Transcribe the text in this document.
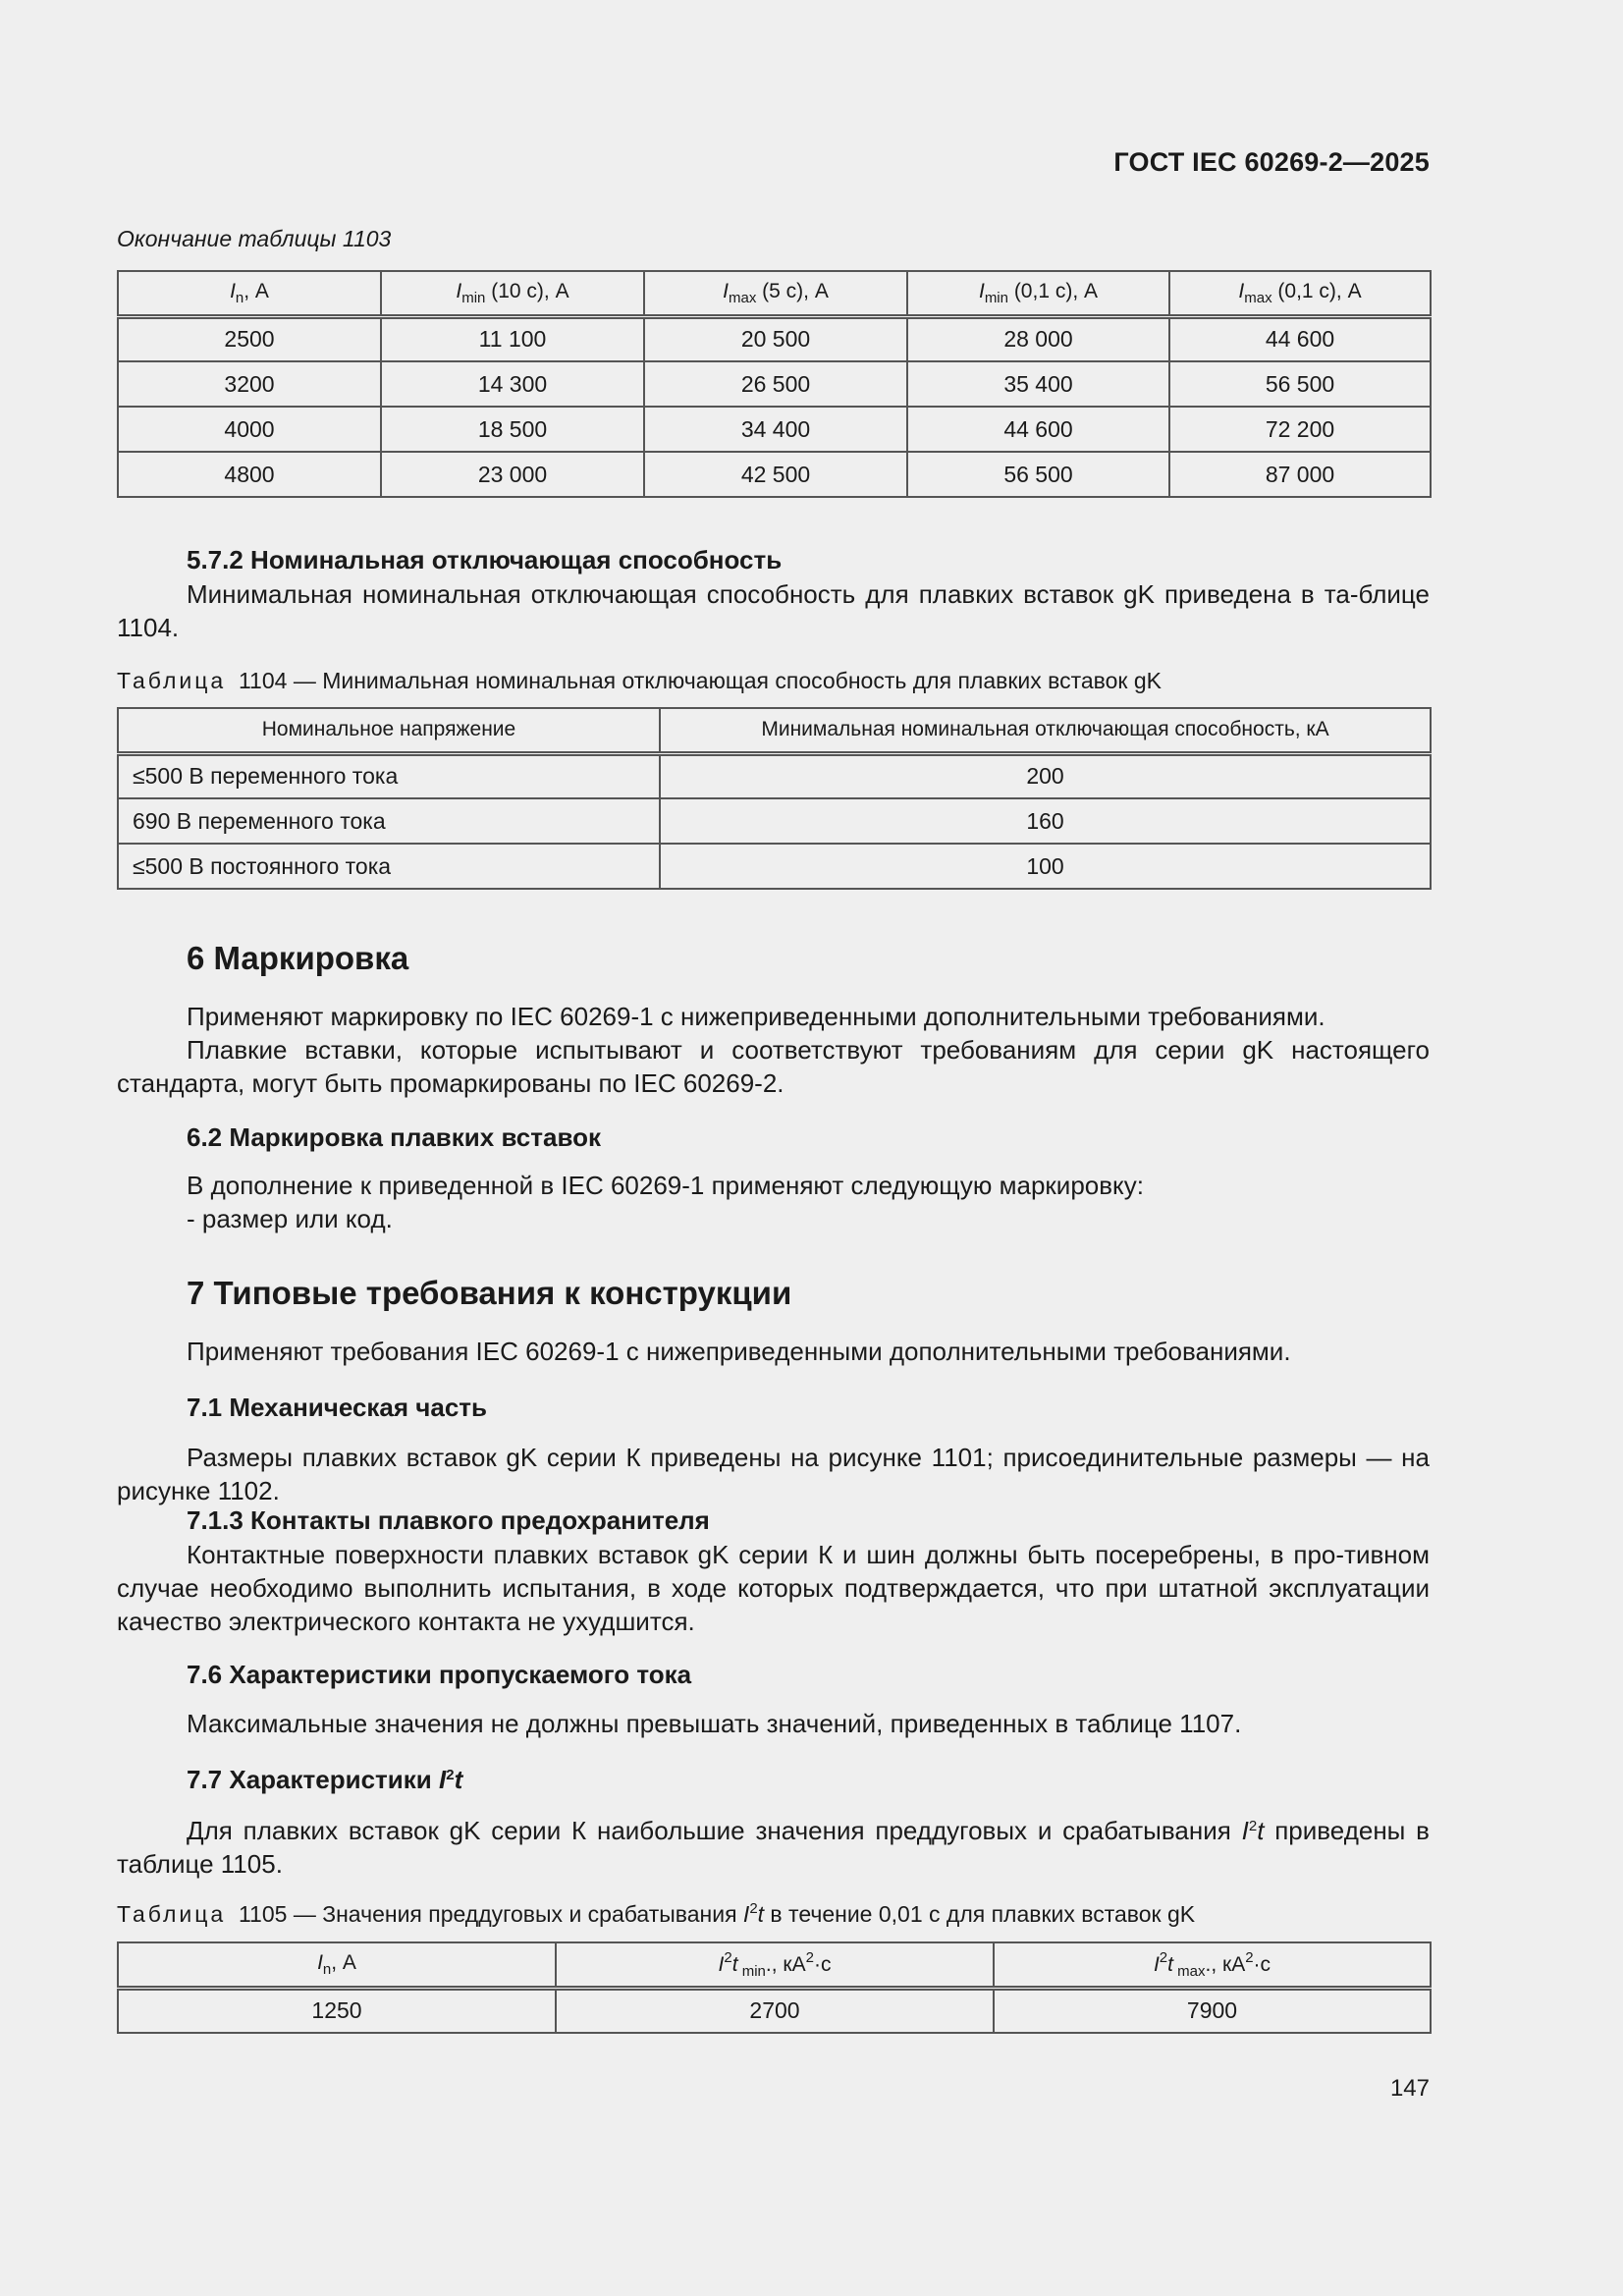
ГОСТ IEC 60269-2—2025
Окончание таблицы 1103
$I_n$, А	$I_{min}$ (10 с), А	$I_{max}$ (5 с), А	$I_{min}$ (0,1 с), А	$I_{max}$ (0,1 с), А
2500	11 100	20 500	28 000	44 600
3200	14 300	26 500	35 400	56 500
4000	18 500	34 400	44 600	72 200
4800	23 000	42 500	56 500	87 000
5.7.2 Номинальная отключающая способность
Минимальная номинальная отключающая способность для плавких вставок gK приведена в та-блице 1104.
Таблица 1104 — Минимальная номинальная отключающая способность для плавких вставок gK
Номинальное напряжение	Минимальная номинальная отключающая способность, кА
≤500 В переменного тока	200
690 В переменного тока	160
≤500 В постоянного тока	100
6 Маркировка
Применяют маркировку по IEC 60269-1 с нижеприведенными дополнительными требованиями.
Плавкие вставки, которые испытывают и соответствуют требованиям для серии gK настоящего стандарта, могут быть промаркированы по IEC 60269-2.
6.2 Маркировка плавких вставок
В дополнение к приведенной в IEC 60269-1 применяют следующую маркировку:
- размер или код.
7 Типовые требования к конструкции
Применяют требования IEC 60269-1 с нижеприведенными дополнительными требованиями.
7.1 Механическая часть
Размеры плавких вставок gK серии К приведены на рисунке 1101; присоединительные размеры — на рисунке 1102.
7.1.3 Контакты плавкого предохранителя
Контактные поверхности плавких вставок gK серии К и шин должны быть посеребрены, в про-тивном случае необходимо выполнить испытания, в ходе которых подтверждается, что при штатной эксплуатации качество электрического контакта не ухудшится.
7.6 Характеристики пропускаемого тока
Максимальные значения не должны превышать значений, приведенных в таблице 1107.
7.7 Характеристики $I^2t$
Для плавких вставок gK серии К наибольшие значения преддуговых и срабатывания $I^2t$ приведены в таблице 1105.
Таблица 1105 — Значения преддуговых и срабатывания $I^2t$ в течение 0,01 с для плавких вставок gK
$I_n$, А	$I^2t$ $_{min}$., $кА^2\cdot с$	$I^2t$ $_{max}$., $кА^2\cdot с$
1250	2700	7900
147
